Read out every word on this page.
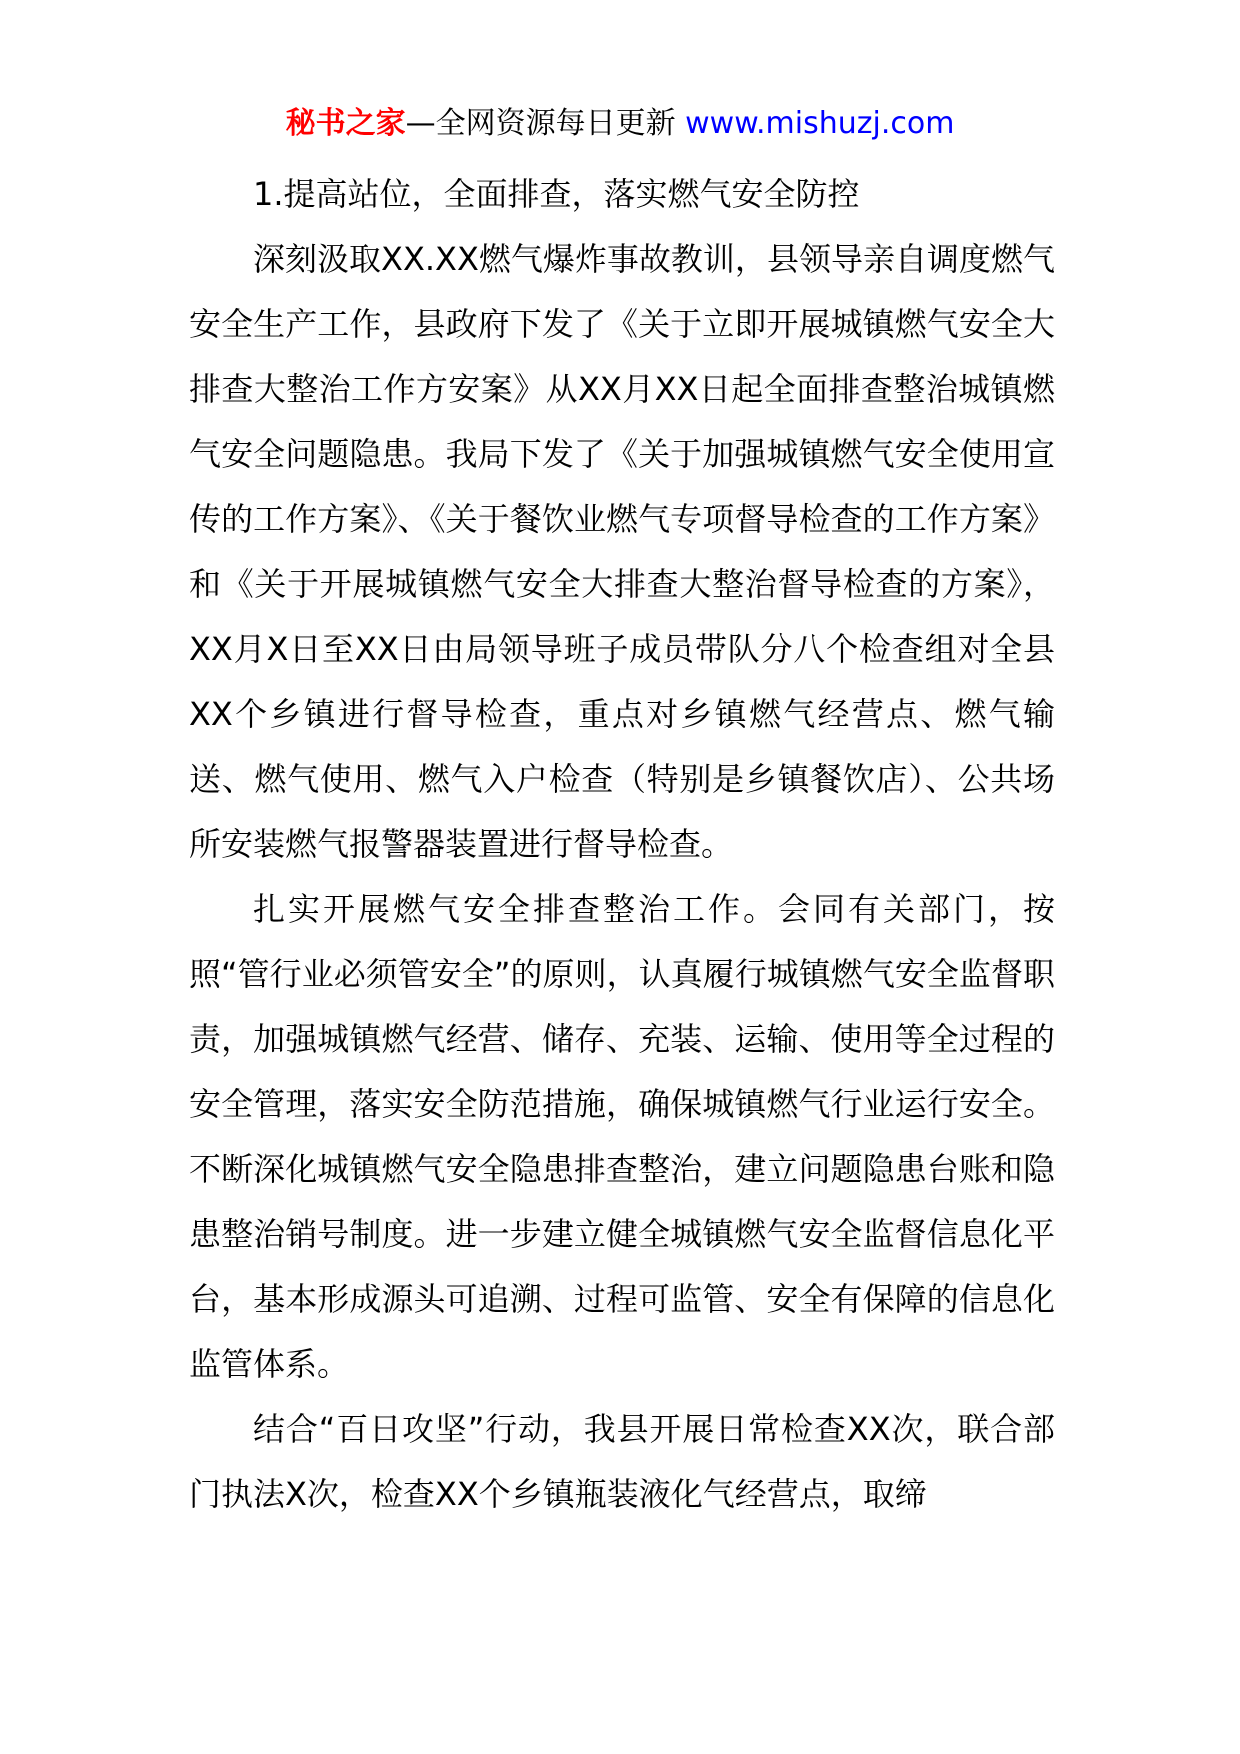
秘书之家—全网资源每日更新 www.mishuzj.com

1.提高站位，全面排查，落实燃气安全防控

深刻汲取XX.XX燃气爆炸事故教训，县领导亲自调度燃气安全生产工作，县政府下发了《关于立即开展城镇燃气安全大排查大整治工作方安案》从XX月XX日起全面排查整治城镇燃气安全问题隐患。我局下发了《关于加强城镇燃气安全使用宣传的工作方案》、《关于餐饮业燃气专项督导检查的工作方案》和《关于开展城镇燃气安全大排查大整治督导检查的方案》，XX月X日至XX日由局领导班子成员带队分八个检查组对全县XX个乡镇进行督导检查，重点对乡镇燃气经营点、燃气输送、燃气使用、燃气入户检查（特别是乡镇餐饮店）、公共场所安装燃气报警器装置进行督导检查。

扎实开展燃气安全排查整治工作。会同有关部门，按照“管行业必须管安全”的原则，认真履行城镇燃气安全监督职责，加强城镇燃气经营、储存、充装、运输、使用等全过程的安全管理，落实安全防范措施，确保城镇燃气行业运行安全。不断深化城镇燃气安全隐患排查整治，建立问题隐患台账和隐患整治销号制度。进一步建立健全城镇燃气安全监督信息化平台，基本形成源头可追溯、过程可监管、安全有保障的信息化监管体系。

结合“百日攻坚”行动，我县开展日常检查XX次，联合部门执法X次，检查XX个乡镇瓶装液化气经营点，取缔
